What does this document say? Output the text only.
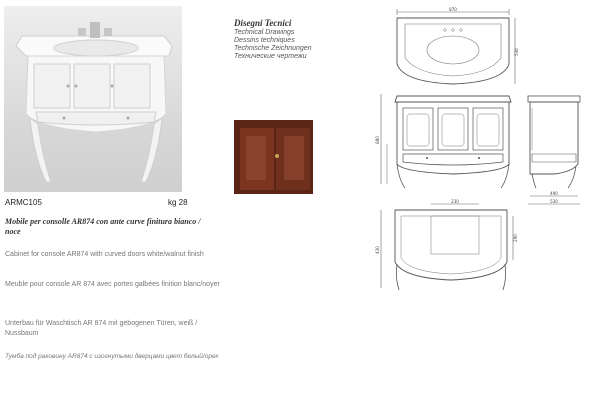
ARMC105	kg 28
Mobile per consolle AR874 con ante curve finitura bianco / noce
Cabinet for console AR874 with curved doors white/walnut finish
Meuble pour console AR 874 avec portes galbées finition blanc/noyer
Unterbau für Waschtisch AR 874 mit gebogenen Türen, weiß / Nussbaum
Тумба под раковину AR874 с изогнутыми дверцами цвет белый/орех
Disegni Tecnici
Technical Drawings
Dessins techniques
Technische Zeichnungen
Технические чертежи
870
536
880
490
530
230
430
290
